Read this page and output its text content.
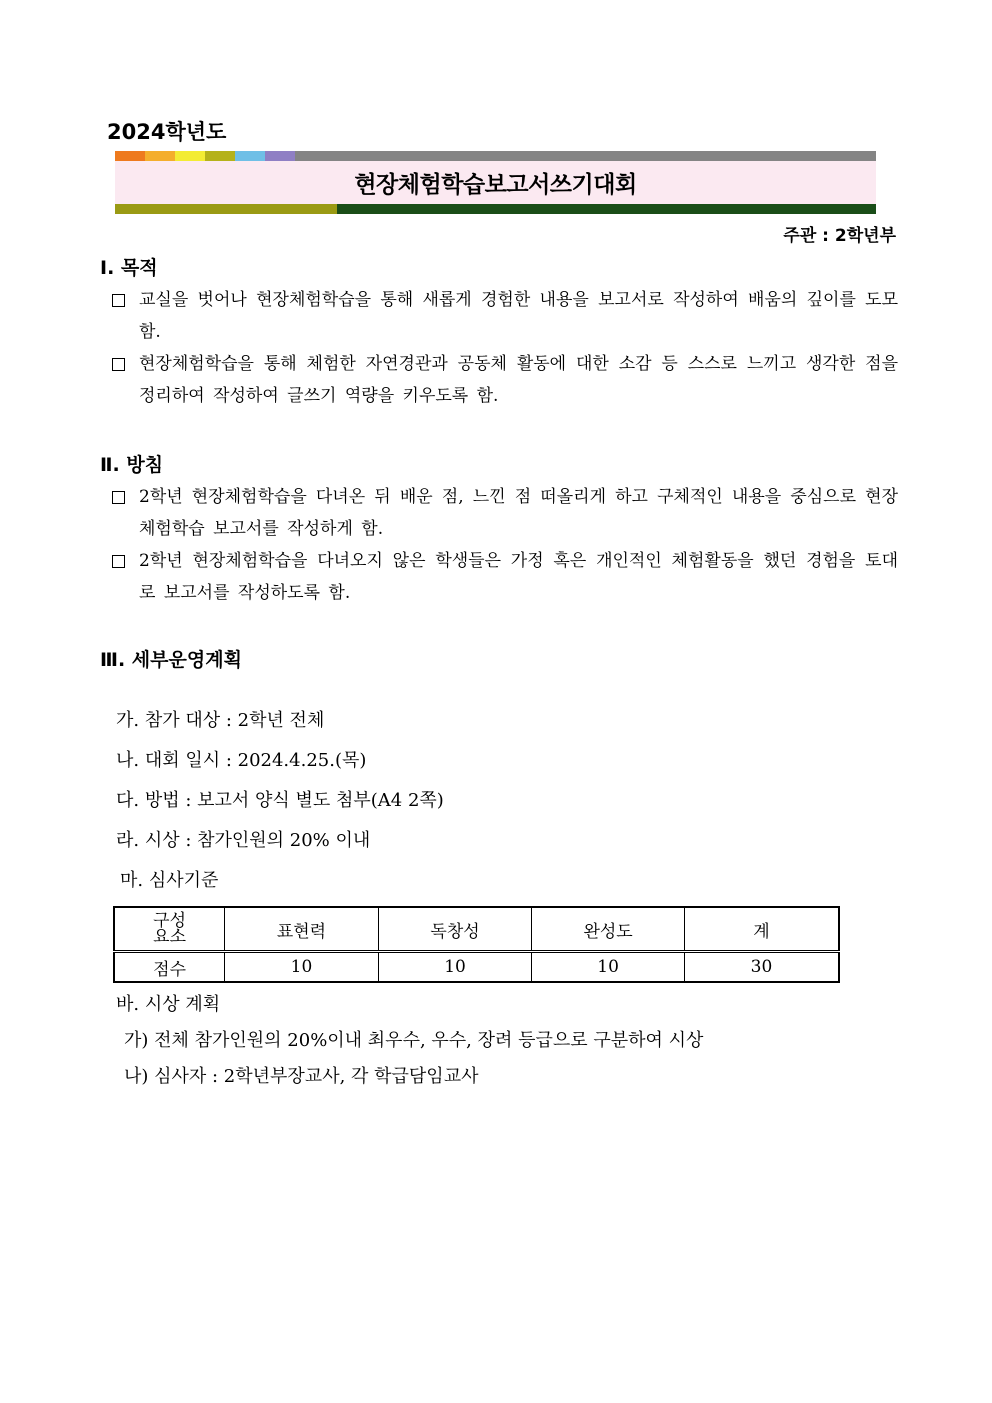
2024학년도
현장체험학습보고서쓰기대회
주관 : 2학년부
Ⅰ. 목적
교실을 벗어나 현장체험학습을 통해 새롭게 경험한 내용을 보고서로 작성하여 배움의 깊이를 도모함.
현장체험학습을 통해 체험한 자연경관과 공동체 활동에 대한 소감 등 스스로 느끼고 생각한 점을 정리하여 작성하여 글쓰기 역량을 키우도록 함.
Ⅱ. 방침
2학년 현장체험학습을 다녀온 뒤 배운 점, 느낀 점 떠올리게 하고 구체적인 내용을 중심으로 현장체험학습 보고서를 작성하게 함.
2학년 현장체험학습을 다녀오지 않은 학생들은 가정 혹은 개인적인 체험활동을 했던 경험을 토대로 보고서를 작성하도록 함.
Ⅲ. 세부운영계획
가. 참가 대상 : 2학년 전체
나. 대회 일시 : 2024.4.25.(목)
다. 방법 : 보고서 양식 별도 첨부(A4 2쪽)
라. 시상 : 참가인원의 20% 이내
마. 심사기준
구성
요소	표현력	독창성	완성도	계
점수	10	10	10	30
바. 시상 계획
가) 전체 참가인원의 20%이내 최우수, 우수, 장려 등급으로 구분하여 시상
나) 심사자 : 2학년부장교사, 각 학급담임교사
